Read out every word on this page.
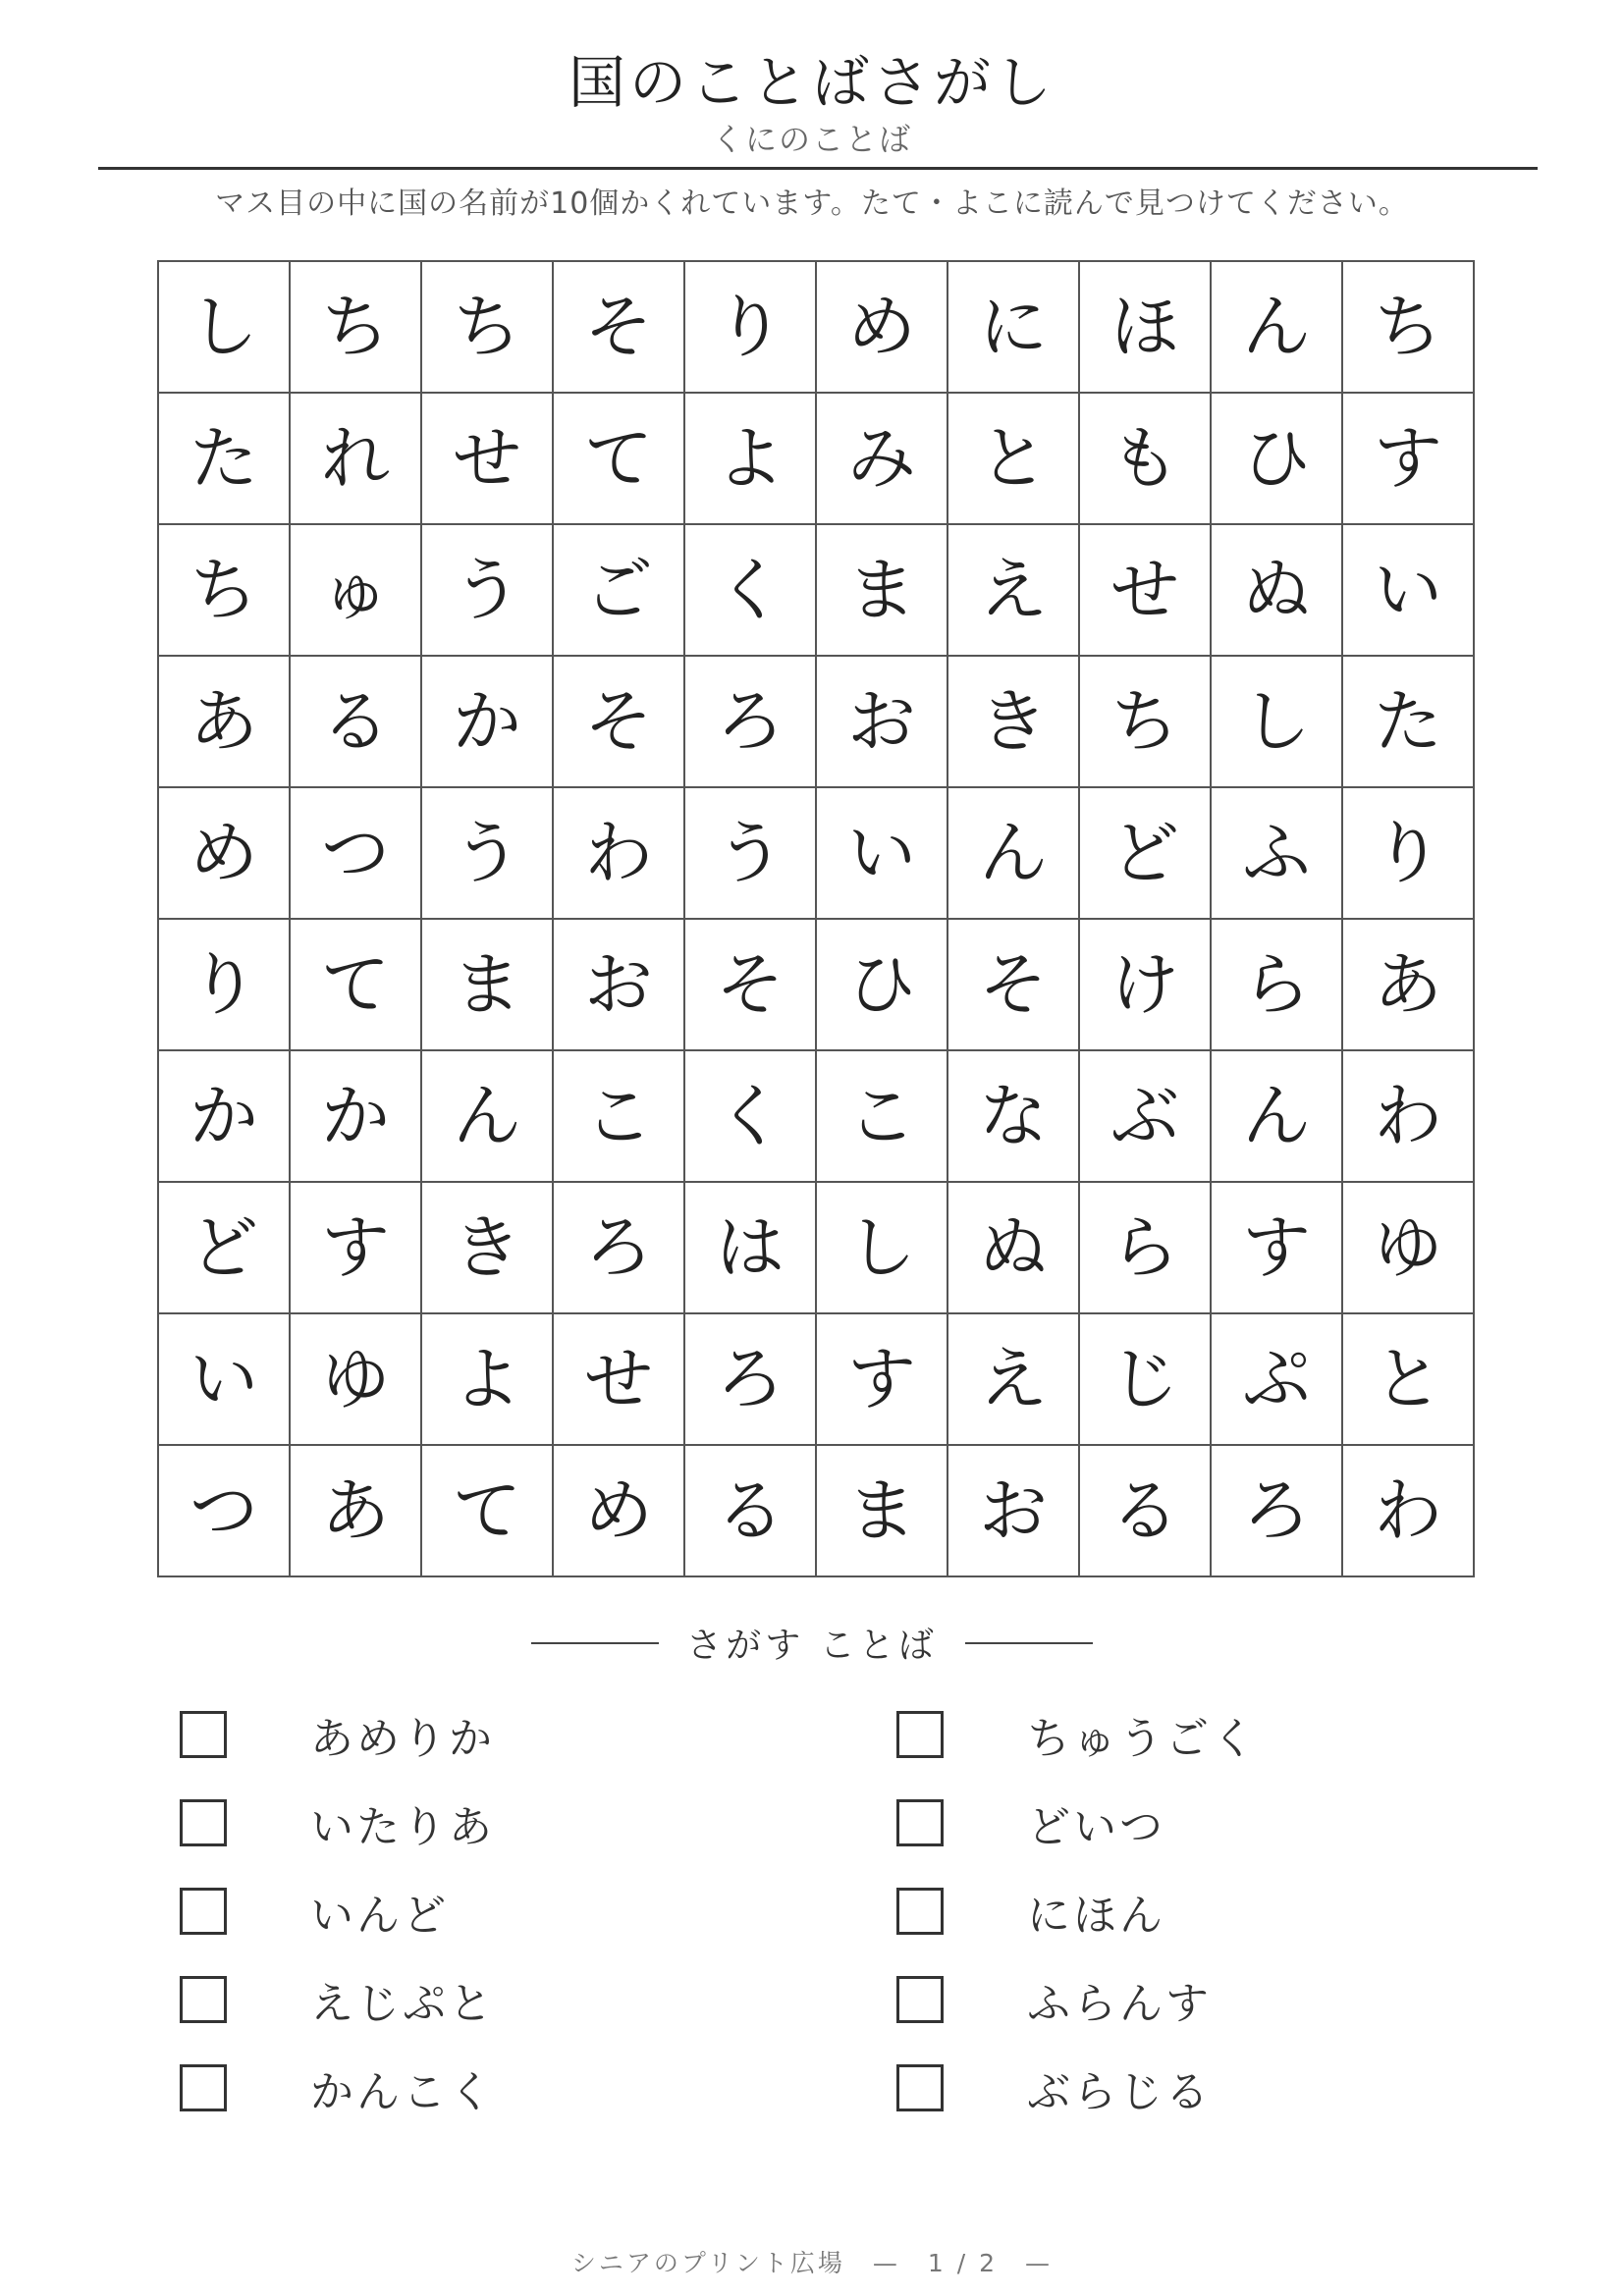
国のことばさがし
くにのことば
マス目の中に国の名前が10個かくれています。たて・よこに読んで見つけてください。
し ち ち そ り め に ほ ん ち
た れ せ て よ み と も ひ す
ち ゅ う ご く ま え せ ぬ い
あ る か そ ろ お き ち し た
め つ う わ う い ん ど ふ り
り て ま お そ ひ そ け ら あ
か か ん こ く こ な ぶ ん わ
ど す き ろ は し ぬ ら す ゆ
い ゆ よ せ ろ す え じ ぷ と
つ あ て め る ま お る ろ わ
さがす ことば
あめりか	ちゅうごく
いたりあ	どいつ
いんど	にほん
えじぷと	ふらんす
かんこく	ぶらじる
シニアのプリント広場　—　1 / 2　—
